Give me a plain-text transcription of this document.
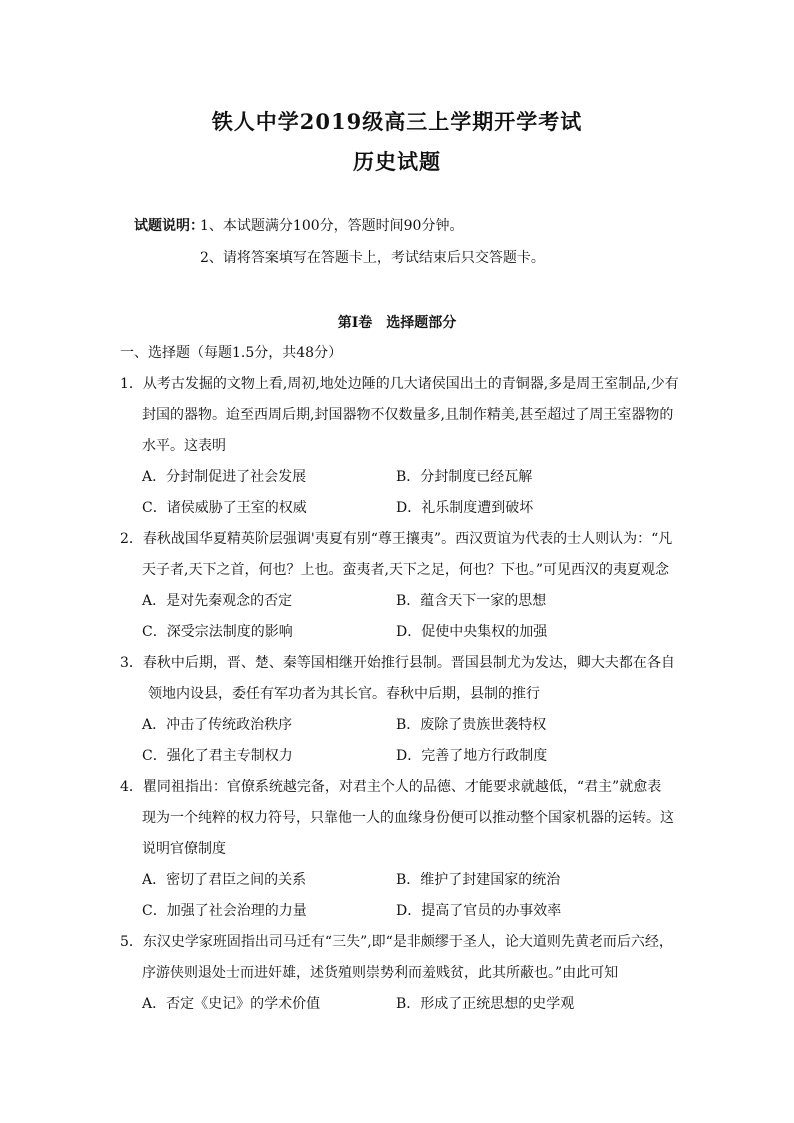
铁人中学2019级高三上学期开学考试
历史试题
试题说明：1、本试题满分100分，答题时间90分钟。
2、请将答案填写在答题卡上，考试结束后只交答题卡。
第Ⅰ卷　选择题部分
一、选择题（每题1.5分，共48分）
1．从考古发掘的文物上看,周初,地处边陲的几大诸侯国出土的青铜器,多是周王室制品,少有
封国的器物。迨至西周后期,封国器物不仅数量多,且制作精美,甚至超过了周王室器物的
水平。这表明
A．分封制促进了社会发展	B．分封制度已经瓦解
C．诸侯威胁了王室的权威	D．礼乐制度遭到破坏
2．春秋战国华夏精英阶层强调'夷夏有别“尊王攘夷”。西汉贾谊为代表的士人则认为：“凡
天子者,天下之首，何也？上也。蛮夷者,天下之足，何也？下也。”可见西汉的夷夏观念
A．是对先秦观念的否定	B．蕴含天下一家的思想
C．深受宗法制度的影响	D．促使中央集权的加强
3．春秋中后期，晋、楚、秦等国相继开始推行县制。晋国县制尤为发达，卿大夫都在各自
领地内设县，委任有军功者为其长官。春秋中后期，县制的推行
A．冲击了传统政治秩序	B．废除了贵族世袭特权
C．强化了君主专制权力	D．完善了地方行政制度
4．瞿同祖指出：官僚系统越完备，对君主个人的品德、才能要求就越低，“君主”就愈表
现为一个纯粹的权力符号，只靠他一人的血缘身份便可以推动整个国家机器的运转。这
说明官僚制度
A．密切了君臣之间的关系	B．维护了封建国家的统治
C．加强了社会治理的力量	D．提高了官员的办事效率
5．东汉史学家班固指出司马迁有“三失”,即“是非颇缪于圣人，论大道则先黄老而后六经，
序游侠则退处士而进奸雄，述货殖则崇势利而羞贱贫，此其所蔽也。”由此可知
A．否定《史记》的学术价值	B．形成了正统思想的史学观
